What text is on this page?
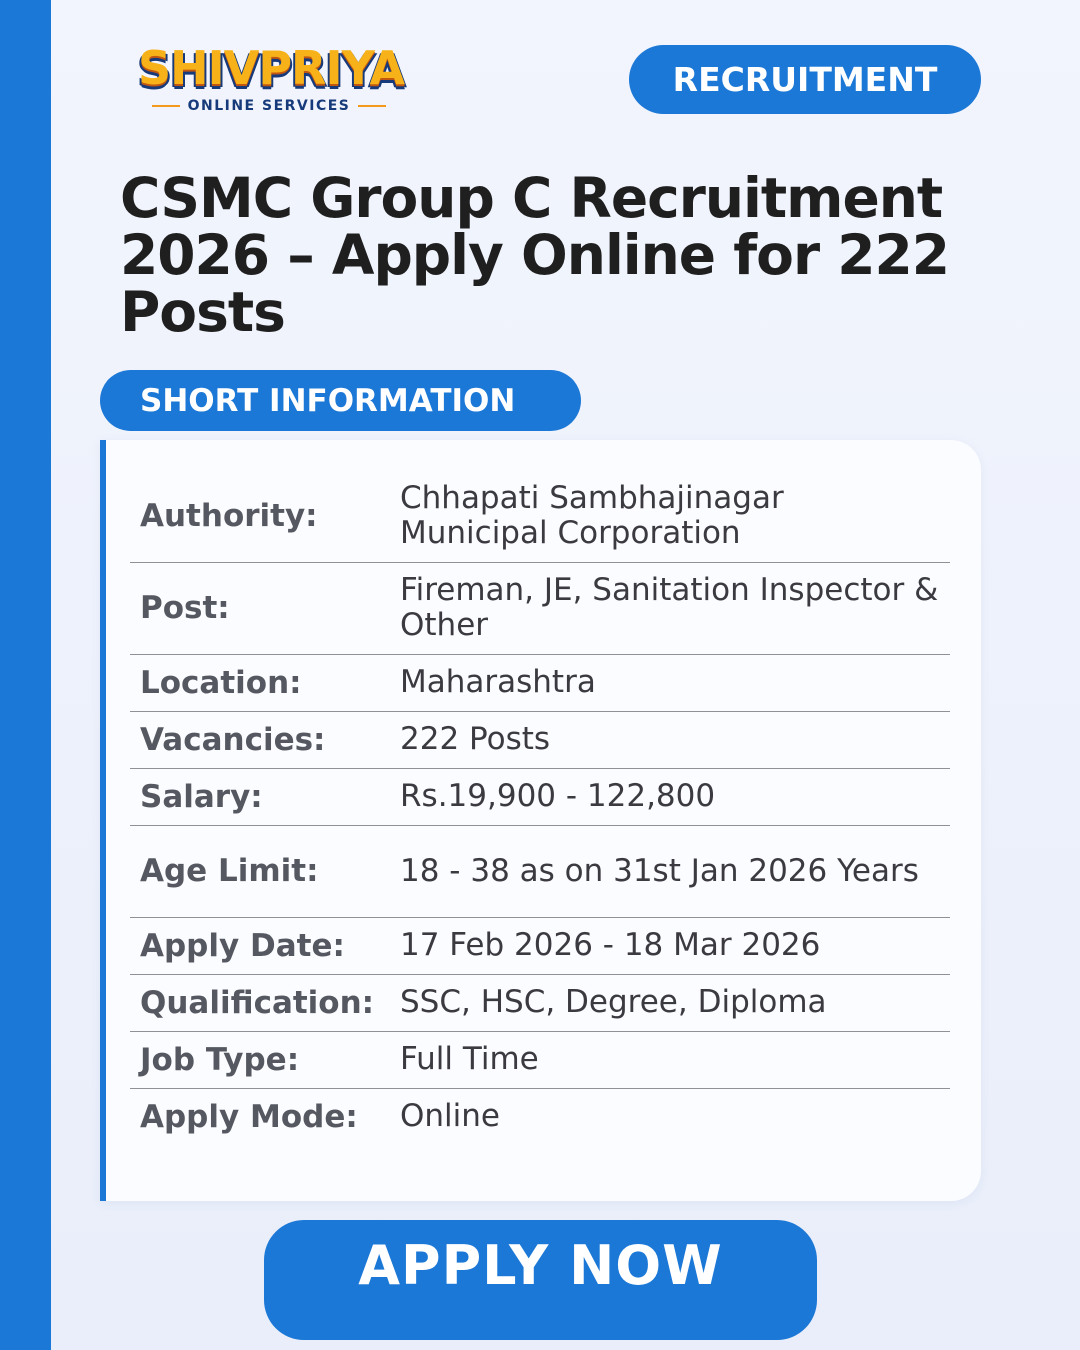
SHIVPRIYA
ONLINE SERVICES
RECRUITMENT
CSMC Group C Recruitment 2026 – Apply Online for 222 Posts
SHORT INFORMATION
Authority:	Chhapati Sambhajinagar Municipal Corporation
Post:	Fireman, JE, Sanitation Inspector & Other
Location:	Maharashtra
Vacancies:	222 Posts
Salary:	Rs.19,900 - 122,800
Age Limit:	18 - 38 as on 31st Jan 2026 Years
Apply Date:	17 Feb 2026 - 18 Mar 2026
Qualification:	SSC, HSC, Degree, Diploma
Job Type:	Full Time
Apply Mode:	Online
APPLY NOW
